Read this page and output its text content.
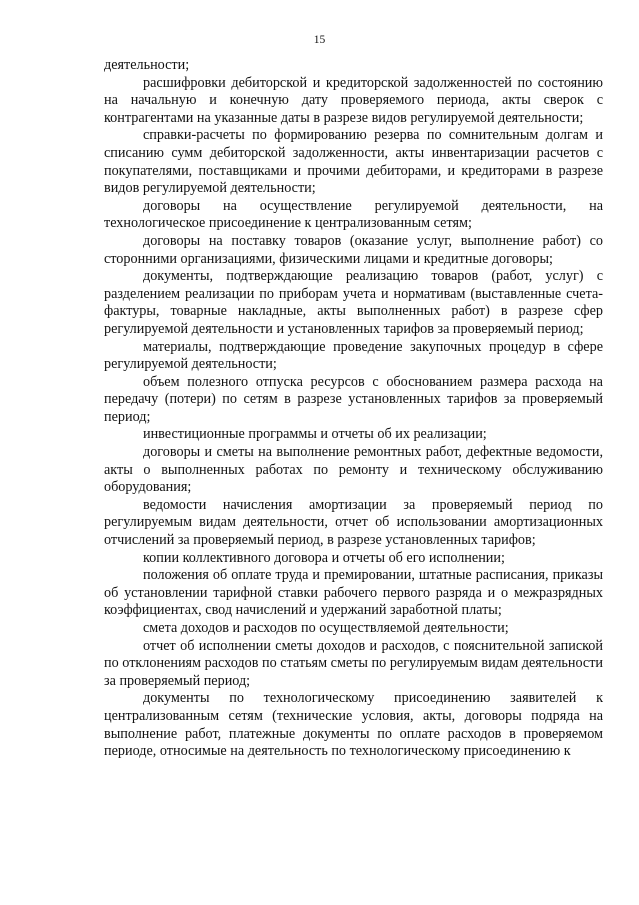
15

деятельности;

расшифровки дебиторской и кредиторской задолженностей по состоянию на начальную и конечную дату проверяемого периода, акты сверок с контрагентами на указанные даты в разрезе видов регулируемой деятельности;

справки-расчеты по формированию резерва по сомнительным долгам и списанию сумм дебиторской задолженности, акты инвентаризации расчетов с покупателями, поставщиками и прочими дебиторами, и кредиторами в разрезе видов регулируемой деятельности;

договоры на осуществление регулируемой деятельности, на технологическое присоединение к централизованным сетям;

договоры на поставку товаров (оказание услуг, выполнение работ) со сторонними организациями, физическими лицами и кредитные договоры;

документы, подтверждающие реализацию товаров (работ, услуг) с разделением реализации по приборам учета и нормативам (выставленные счета-фактуры, товарные накладные, акты выполненных работ) в разрезе сфер регулируемой деятельности и установленных тарифов за проверяемый период;

материалы, подтверждающие проведение закупочных процедур в сфере регулируемой деятельности;

объем полезного отпуска ресурсов с обоснованием размера расхода на передачу (потери) по сетям в разрезе установленных тарифов за проверяемый период;

инвестиционные программы и отчеты об их реализации;

договоры и сметы на выполнение ремонтных работ, дефектные ведомости, акты о выполненных работах по ремонту и техническому обслуживанию оборудования;

ведомости начисления амортизации за проверяемый период по регулируемым видам деятельности, отчет об использовании амортизационных отчислений за проверяемый период, в разрезе установленных тарифов;

копии коллективного договора и отчеты об его исполнении;

положения об оплате труда и премировании, штатные расписания, приказы об установлении тарифной ставки рабочего первого разряда и о межразрядных коэффициентах, свод начислений и удержаний заработной платы;

смета доходов и расходов по осуществляемой деятельности;

отчет об исполнении сметы доходов и расходов, с пояснительной запиской по отклонениям расходов по статьям сметы по регулируемым видам деятельности за проверяемый период;

документы по технологическому присоединению заявителей к централизованным сетям (технические условия, акты, договоры подряда на выполнение работ, платежные документы по оплате расходов в проверяемом периоде, относимые на деятельность по технологическому присоединению к
